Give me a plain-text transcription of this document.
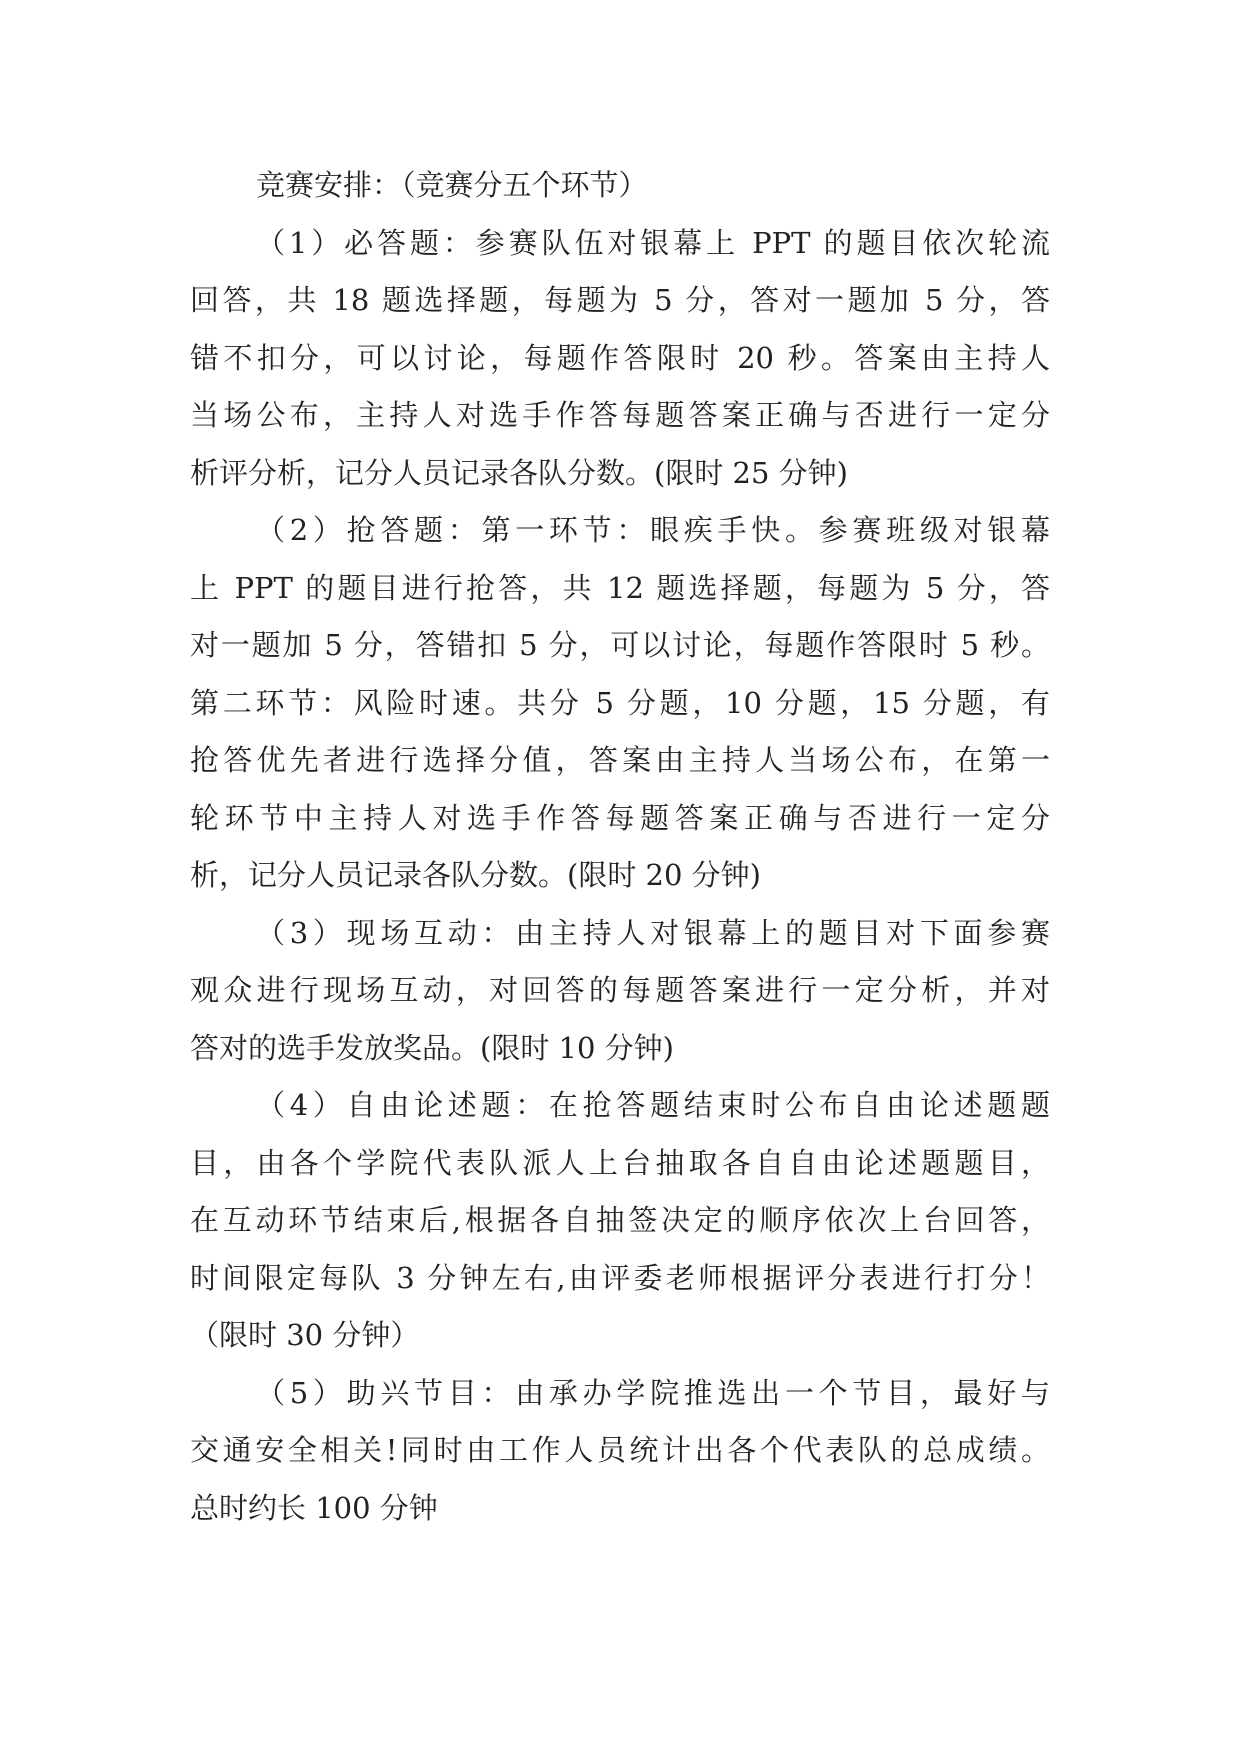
竞赛安排：（竞赛分五个环节）
（1）必答题：参赛队伍对银幕上 PPT 的题目依次轮流
回答，共 18 题选择题，每题为 5 分，答对一题加 5 分，答
错不扣分，可以讨论，每题作答限时 20 秒。答案由主持人
当场公布，主持人对选手作答每题答案正确与否进行一定分
析评分析，记分人员记录各队分数。(限时 25 分钟)
（2）抢答题：第一环节：眼疾手快。参赛班级对银幕
上 PPT 的题目进行抢答，共 12 题选择题，每题为 5 分，答
对一题加 5 分，答错扣 5 分，可以讨论，每题作答限时 5 秒。
第二环节：风险时速。共分 5 分题，10 分题，15 分题，有
抢答优先者进行选择分值，答案由主持人当场公布，在第一
轮环节中主持人对选手作答每题答案正确与否进行一定分
析，记分人员记录各队分数。(限时 20 分钟)
（3）现场互动：由主持人对银幕上的题目对下面参赛
观众进行现场互动，对回答的每题答案进行一定分析，并对
答对的选手发放奖品。(限时 10 分钟)
（4）自由论述题：在抢答题结束时公布自由论述题题
目，由各个学院代表队派人上台抽取各自自由论述题题目，
在互动环节结束后,根据各自抽签决定的顺序依次上台回答，
时间限定每队 3 分钟左右,由评委老师根据评分表进行打分！
（限时 30 分钟）
（5）助兴节目：由承办学院推选出一个节目，最好与
交通安全相关!同时由工作人员统计出各个代表队的总成绩。
总时约长 100 分钟
